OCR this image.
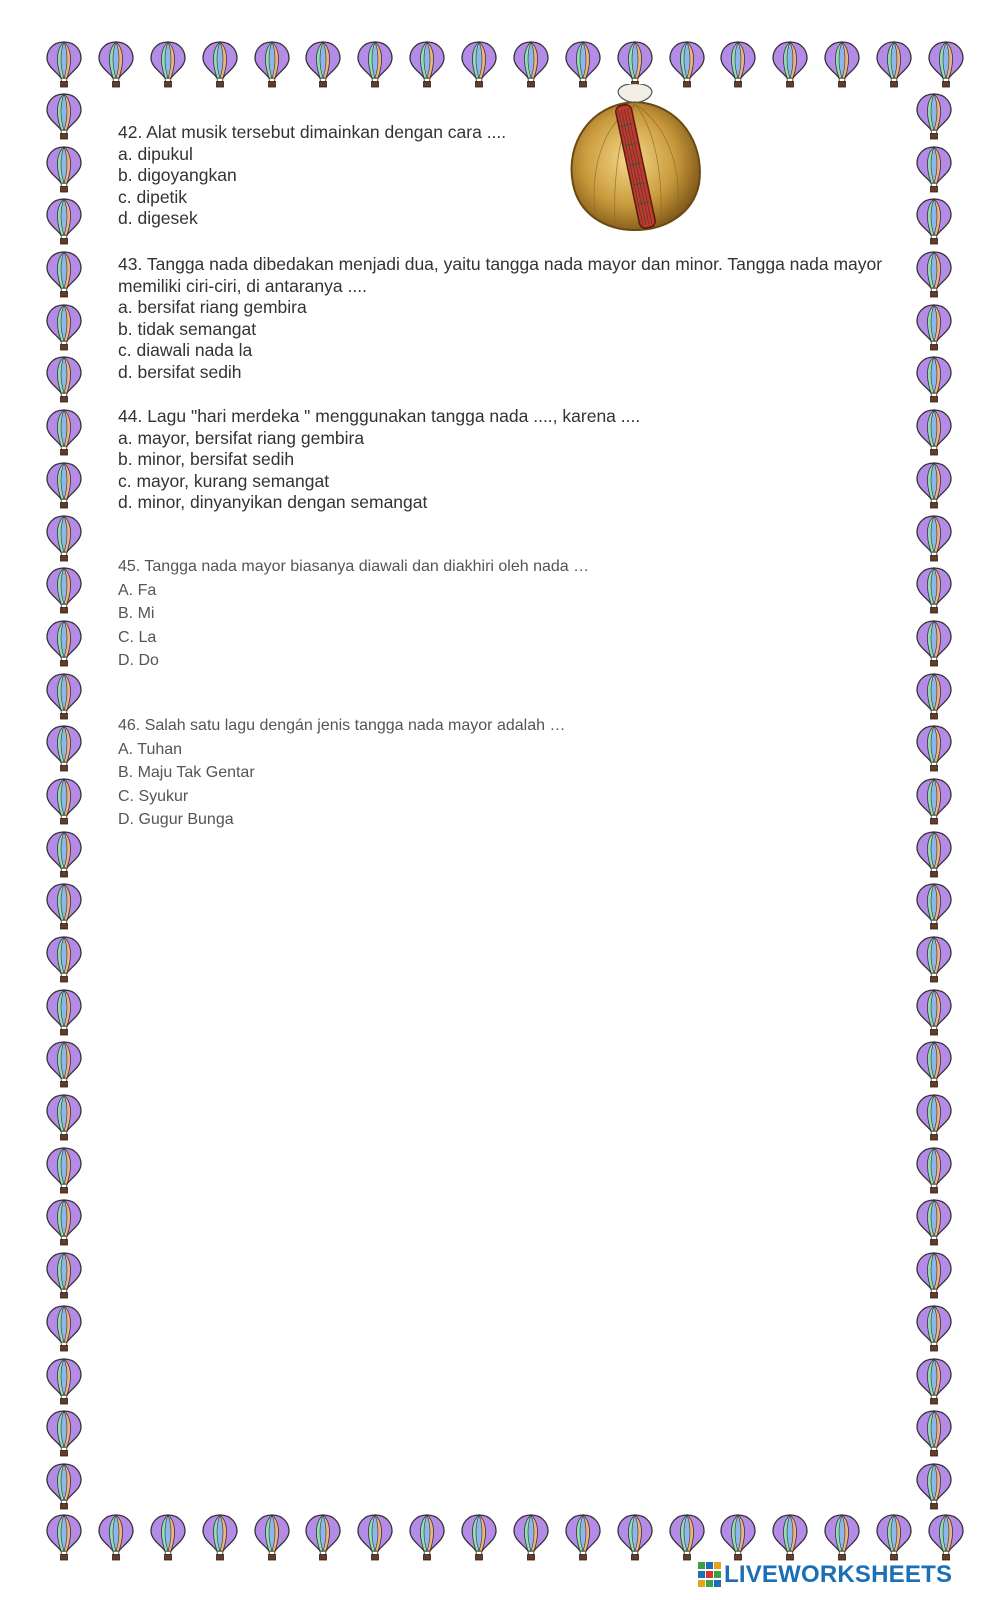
42. Alat musik tersebut dimainkan dengan cara ....
a. dipukul
b. digoyangkan
c. dipetik
d. digesek
43. Tangga nada dibedakan menjadi dua, yaitu tangga nada mayor dan minor. Tangga nada mayor memiliki ciri-ciri, di antaranya ....
a. bersifat riang gembira
b. tidak semangat
c. diawali nada la
d. bersifat sedih
44. Lagu "hari merdeka " menggunakan tangga nada ...., karena ....
a. mayor, bersifat riang gembira
b. minor, bersifat sedih
c. mayor, kurang semangat
d. minor, dinyanyikan dengan semangat
45. Tangga nada mayor biasanya diawali dan diakhiri oleh nada …
A. Fa
B. Mi
C. La
D. Do
46. Salah satu lagu dengán jenis tangga nada mayor adalah …
A. Tuhan
B. Maju Tak Gentar
C. Syukur
D. Gugur Bunga
LIVEWORKSHEETS
